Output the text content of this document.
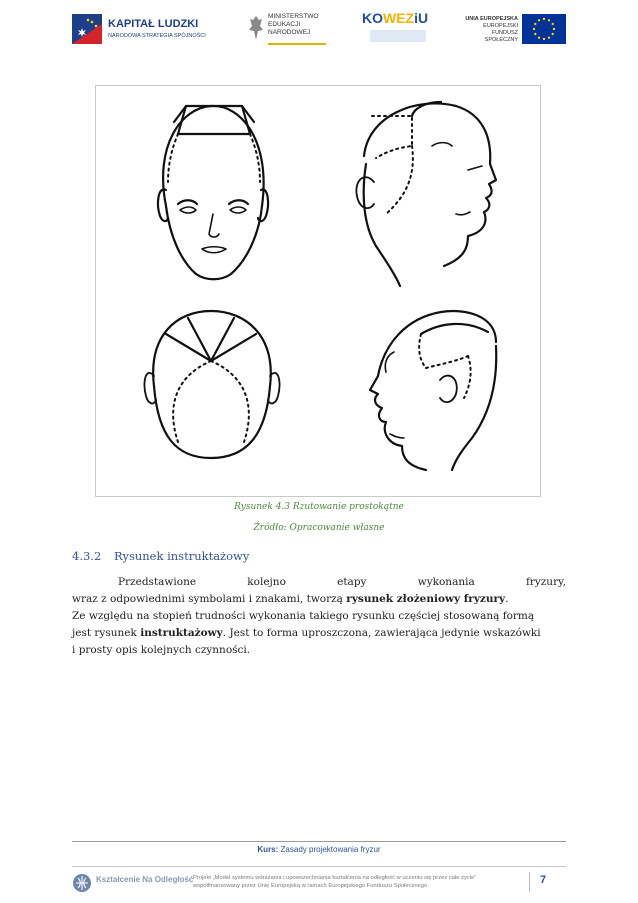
KAPITAŁ LUDZKI
NARODOWA STRATEGIA SPÓJNOŚCI
MINISTERSTWO
EDUKACJI
NARODOWEJ
KOWEZiU	UNIA EUROPEJSKA
EUROPEJSKI
FUNDUSZ SPOŁECZNY
Rysunek 4.3 Rzutowanie prostokątne
Źródło: Opracowanie własne
4.3.2 Rysunek instruktażowy
Przedstawione	kolejno	etapy	wykonania	fryzury,
wraz z odpowiednimi symbolami i znakami, tworzą rysunek złożeniowy fryzury.
Ze względu na stopień trudności wykonania takiego rysunku częściej stosowaną formą
jest rysunek instruktażowy. Jest to forma uproszczona, zawierająca jedynie wskazówki
i prosty opis kolejnych czynności.
Kurs: Zasady projektowania fryzur
Kształcenie Na Odległość Projekt „Model systemu wdrażania i upowszechniania kształcenia na odległość w uczeniu się przez całe życie”
współfinansowany przez Unię Europejską w ramach Europejskiego Funduszu Społecznego.	7
